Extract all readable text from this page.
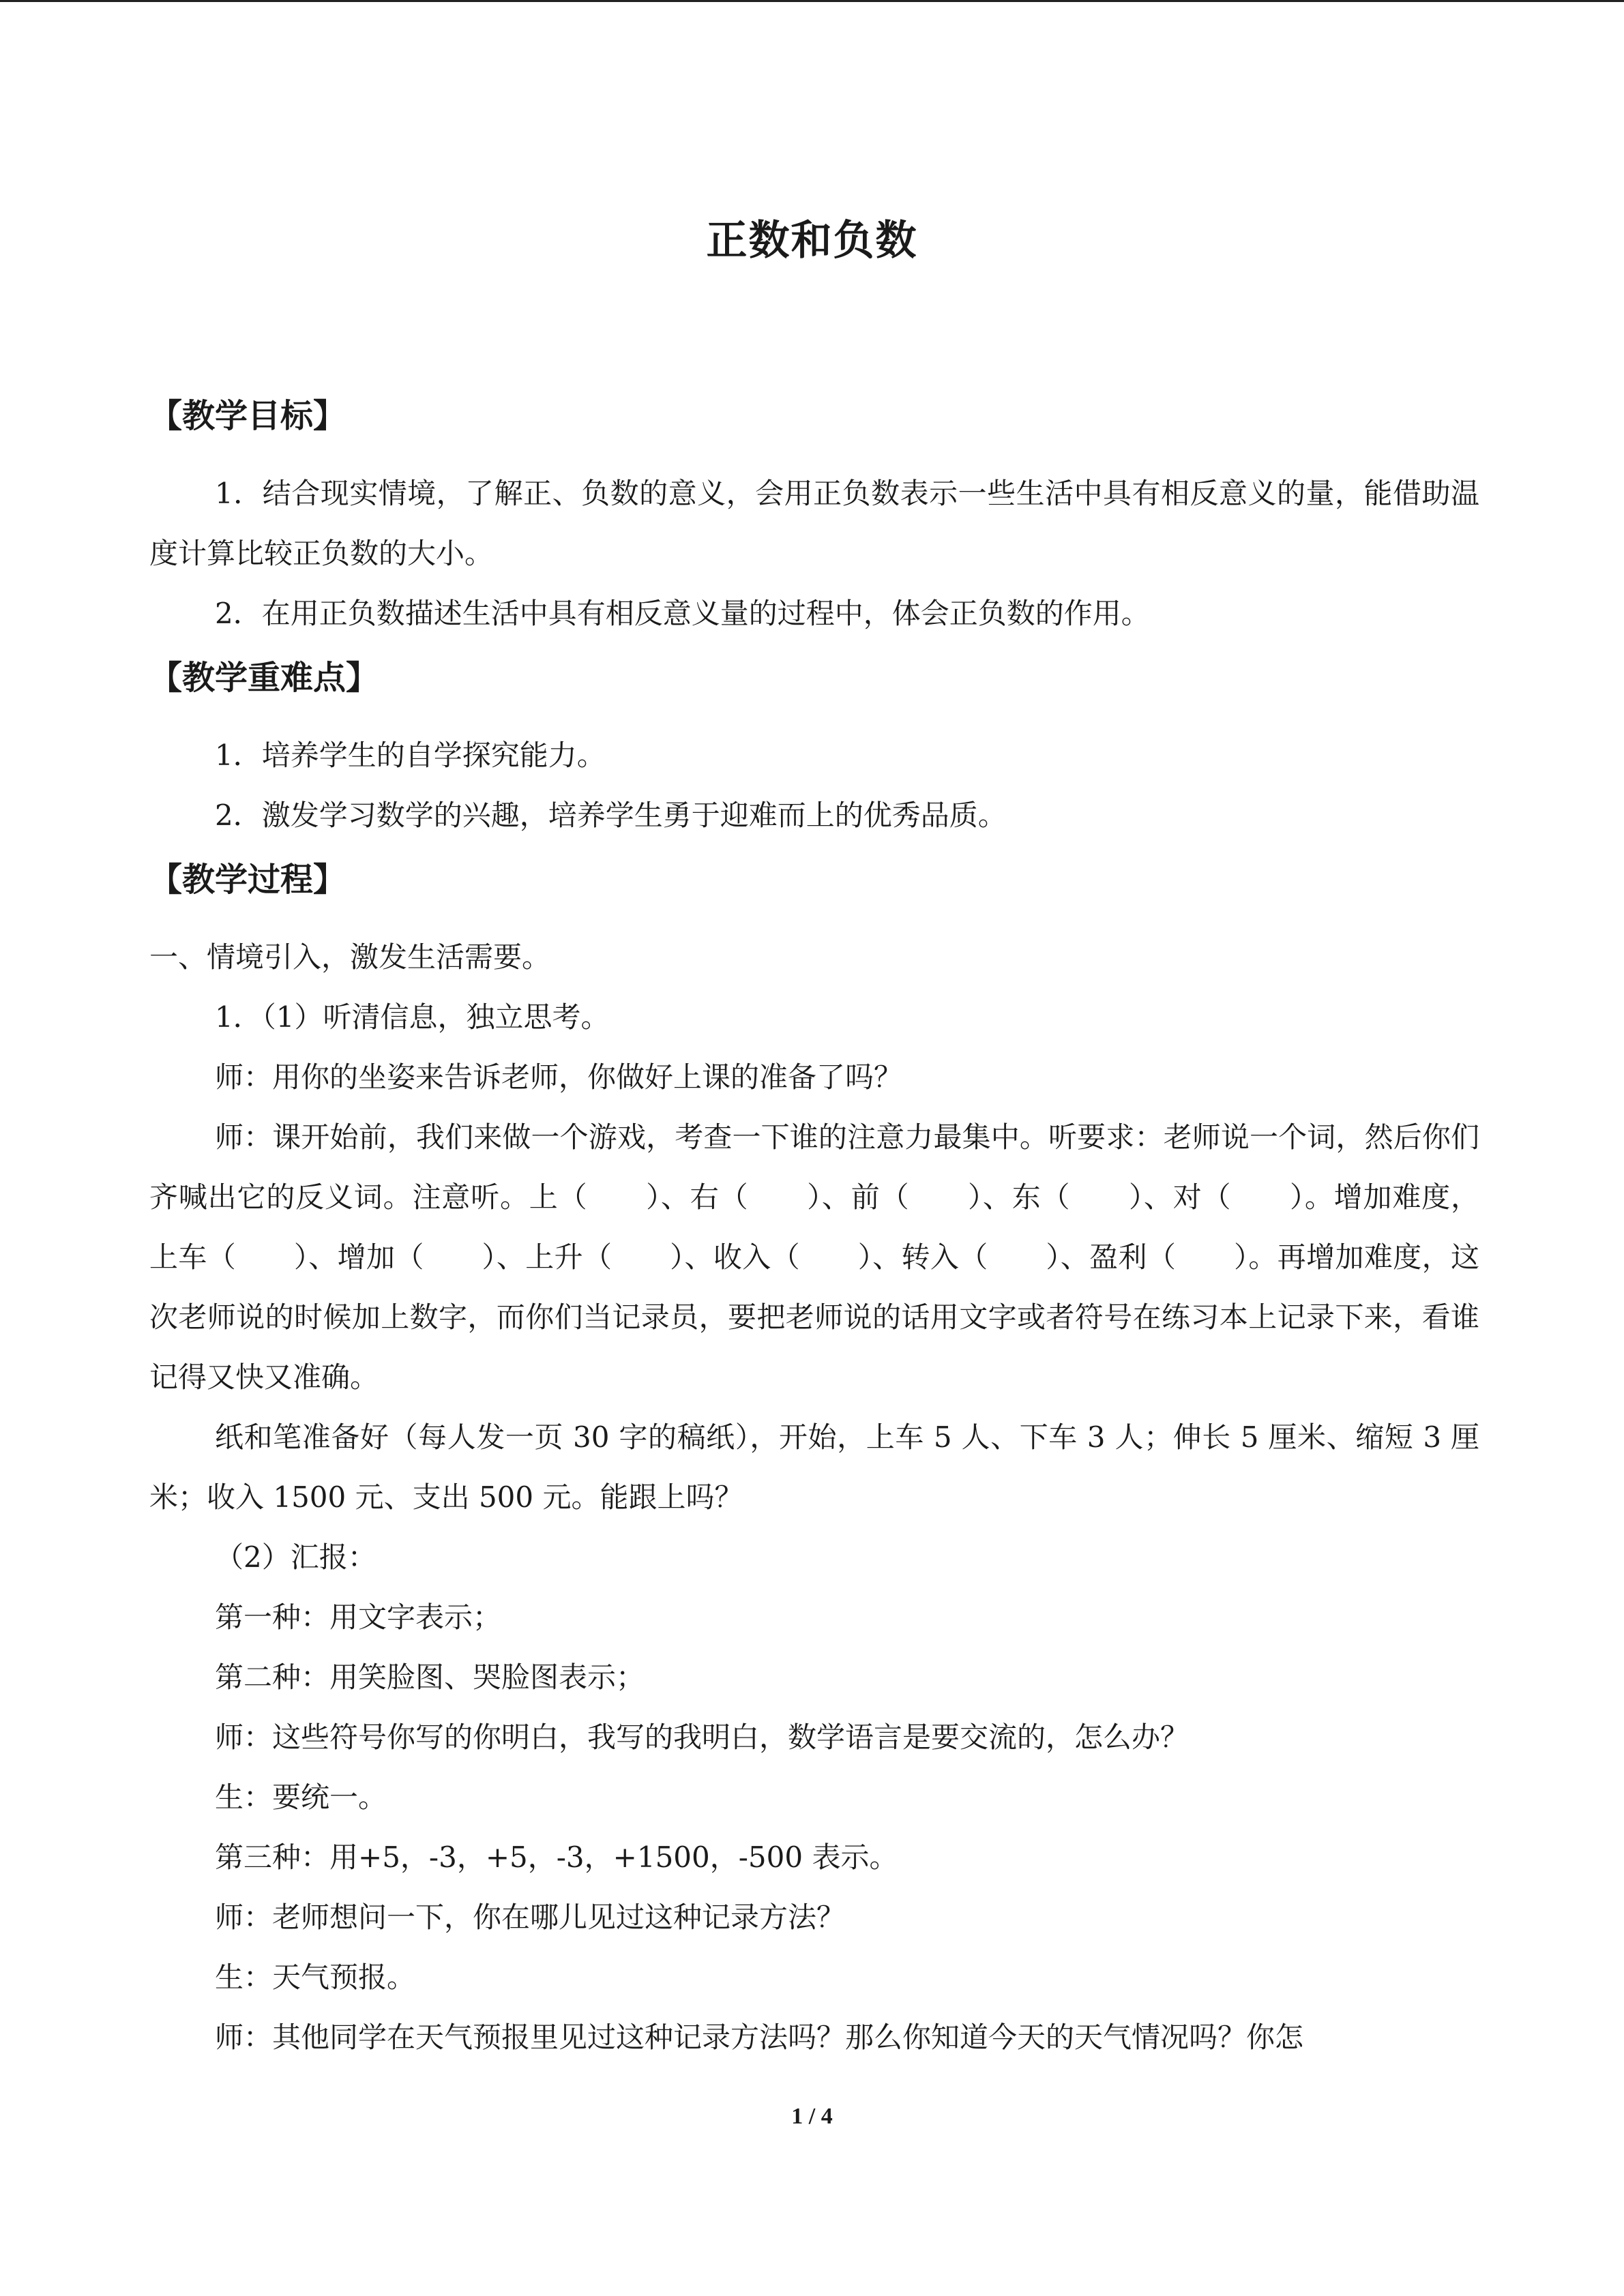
正数和负数
【教学目标】

1．结合现实情境，了解正、负数的意义，会用正负数表示一些生活中具有相反意义的量，能借助温度计算比较正负数的大小。

2．在用正负数描述生活中具有相反意义量的过程中，体会正负数的作用。

【教学重难点】

1．培养学生的自学探究能力。

2．激发学习数学的兴趣，培养学生勇于迎难而上的优秀品质。

【教学过程】

一、情境引入，激发生活需要。

1．（1）听清信息，独立思考。

师：用你的坐姿来告诉老师，你做好上课的准备了吗？

师：课开始前，我们来做一个游戏，考查一下谁的注意力最集中。听要求：老师说一个词，然后你们齐喊出它的反义词。注意听。上（　　）、右（　　）、前（　　）、东（　　）、对（　　）。增加难度，上车（　　）、增加（　　）、上升（　　）、收入（　　）、转入（　　）、盈利（　　）。再增加难度，这次老师说的时候加上数字，而你们当记录员，要把老师说的话用文字或者符号在练习本上记录下来，看谁记得又快又准确。

纸和笔准备好（每人发一页 30 字的稿纸），开始，上车 5 人、下车 3 人；伸长 5 厘米、缩短 3 厘米；收入 1500 元、支出 500 元。能跟上吗？

（2）汇报：

第一种：用文字表示；

第二种：用笑脸图、哭脸图表示；

师：这些符号你写的你明白，我写的我明白，数学语言是要交流的，怎么办？

生：要统一。

第三种：用+5，-3，+5，-3，+1500，-500 表示。

师：老师想问一下，你在哪儿见过这种记录方法？

生：天气预报。

师：其他同学在天气预报里见过这种记录方法吗？那么你知道今天的天气情况吗？你怎

1 / 4
